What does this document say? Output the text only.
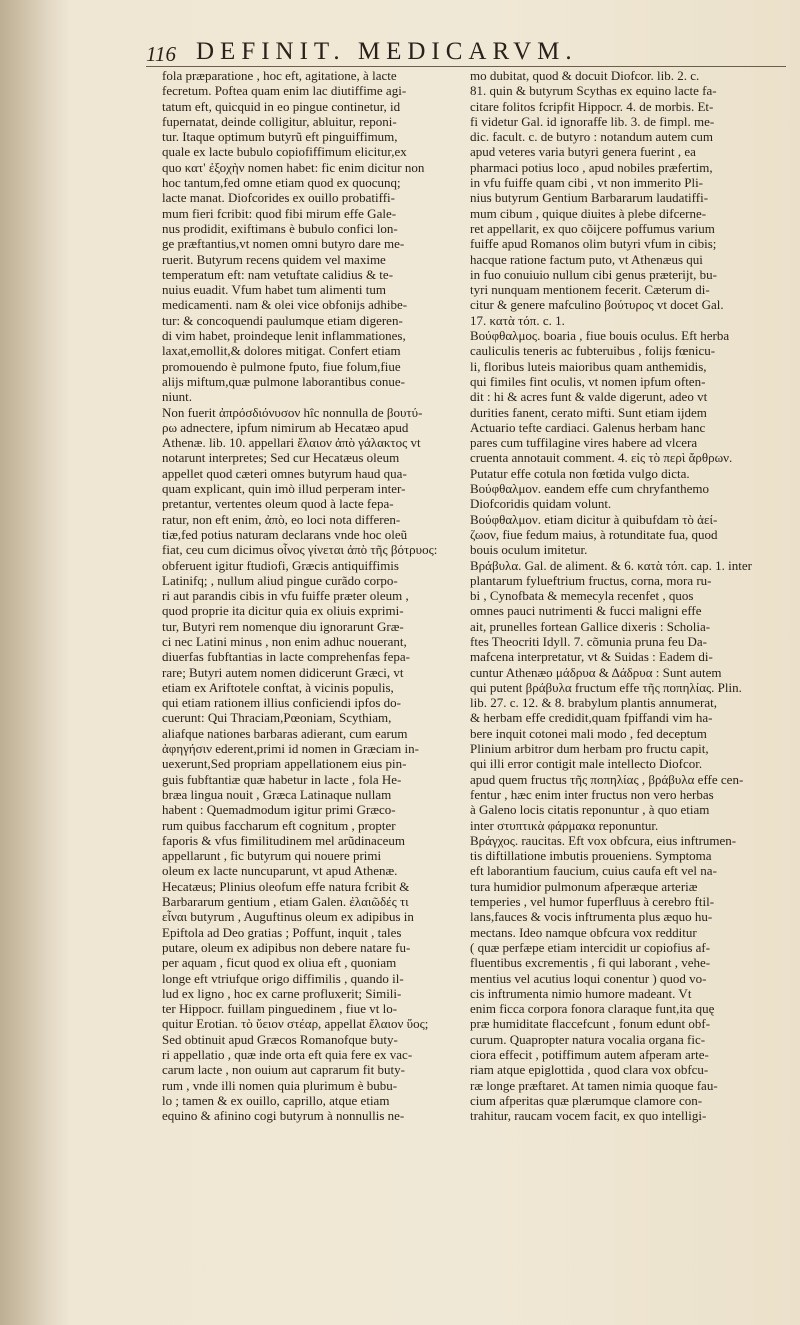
116 DEFINIT. MEDICARVM.
fola præparatione , hoc eft, agitatione, à lacte
fecretum. Poftea quam enim lac diutiffime agi-
tatum eft, quicquid in eo pingue continetur, id
fupernatat, deinde colligitur, abluitur, reponi-
tur. Itaque optimum butyrũ eft pinguiffimum,
quale ex lacte bubulo copiofiffimum elicitur,ex
quo κατ' ἐξοχὴν nomen habet: fic enim dicitur non
hoc tantum,fed omne etiam quod ex quocunq;
lacte manat. Diofcorides ex ouillo probatiffi-
mum fieri fcribit: quod fibi mirum effe Gale-
nus prodidit, exiftimans è bubulo confici lon-
ge præftantius,vt nomen omni butyro dare me-
ruerit. Butyrum recens quidem vel maxime
temperatum eft: nam vetuftate calidius & te-
nuius euadit. Vfum habet tum alimenti tum
medicamenti. nam & olei vice obfonijs adhibe-
tur: & concoquendi paulumque etiam digeren-
di vim habet, proindeque lenit inflammationes,
laxat,emollit,& dolores mitigat. Confert etiam
promouendo è pulmone fputo, fiue folum,fiue
alijs miftum,quæ pulmone laborantibus conue-
niunt.
» Non fuerit ἀπρόσδιόνυσον hîc nonnulla de βουτύ-
» ρω adnectere, ipfum nimirum ab Hecatæo apud
» Athenæ. lib. 10. appellari ἔλαιον ἀπὸ γάλακτος vt
» notarunt interpretes; Sed cur Hecatæus oleum
» appellet quod cæteri omnes butyrum haud qua-
» quam explicant, quin imò illud perperam inter-
» pretantur, vertentes oleum quod à lacte fepa-
» ratur, non eft enim, ἀπὸ, eo loci nota differen-
» tiæ,fed potius naturam declarans vnde hoc oleũ
» fiat, ceu cum dicimus οἶνος γίνεται ἀπὸ τῆς βότρυος:
» obferuent igitur ftudiofi, Græcis antiquiffimis
» Latinifq; , nullum aliud pingue curãdo corpo-
» ri aut parandis cibis in vfu fuiffe præter oleum ,
» quod proprie ita dicitur quia ex oliuis exprimi-
» tur, Butyri rem nomenque diu ignorarunt Græ-
» ci nec Latini minus , non enim adhuc nouerant,
» diuerfas fubftantias in lacte comprehenfas fepa-
» rare; Butyri autem nomen didicerunt Græci, vt
» etiam ex Ariftotele conftat, à vicinis populis,
» qui etiam rationem illius conficiendi ipfos do-
» cuerunt: Qui Thraciam,Pœoniam, Scythiam,
» aliafque nationes barbaras adierant, cum earum
» ἀφηγήσιν ederent,primi id nomen in Græciam in-
» uexerunt,Sed propriam appellationem eius pin-
» guis fubftantiæ quæ habetur in lacte , fola He-
» bræa lingua nouit , Græca Latinaque nullam
» habent : Quemadmodum igitur primi Græco-
» rum quibus faccharum eft cognitum , propter
» faporis & vfus fimilitudinem mel arũdinaceum
» appellarunt , fic butyrum qui nouere primi
» oleum ex lacte nuncuparunt, vt apud Athenæ.
» Hecatæus; Plinius oleofum effe natura fcribit &
» Barbararum gentium , etiam Galen. ἐλαιῶδές τι
» εἶναι butyrum , Auguftinus oleum ex adipibus in
» Epiftola ad Deo gratias ; Poffunt, inquit , tales
» putare, oleum ex adipibus non debere natare fu-
» per aquam , ficut quod ex oliua eft , quoniam
» longe eft vtriufque origo diffimilis , quando il-
» lud ex ligno , hoc ex carne profluxerit; Simili-
» ter Hippocr. fuillam pinguedinem , fiue vt lo-
» quitur Erotian. τὸ ὕειον στέαρ, appellat ἔλαιον ὕος;
» Sed obtinuit apud Græcos Romanofque buty-
» ri appellatio , quæ inde orta eft quia fere ex vac-
» carum lacte , non ouium aut caprarum fit buty-
» rum , vnde illi nomen quia plurimum è bubu-
» lo ; tamen & ex ouillo, caprillo, atque etiam
» equino & afinino cogi butyrum à nonnullis ne-
mo dubitat, quod & docuit Diofcor. lib. 2. c. «
81. quin & butyrum Scythas ex equino lacte fa- «
citare folitos fcripfit Hippocr. 4. de morbis. Et- «
fi videtur Gal. id ignoraffe lib. 3. de fimpl. me- «
dic. facult. c. de butyro : notandum autem cum «
apud veteres varia butyri genera fuerint , ea «
pharmaci potius loco , apud nobiles præfertim, «
in vfu fuiffe quam cibi , vt non immerito Pli- «
nius butyrum Gentium Barbararum laudatiffi- «
mum cibum , quique diuites à plebe difcerne- «
ret appellarit, ex quo cõijcere poffumus varium «
fuiffe apud Romanos olim butyri vfum in cibis; «
hacque ratione factum puto, vt Athenæus qui «
in fuo conuiuio nullum cibi genus præterijt, bu- «
tyri nunquam mentionem fecerit. Cæterum di- «
citur & genere mafculino βούτυρος vt docet Gal. «
17. κατὰ τόπ. c. 1. «
Βούφθαλμος. boaria , fiue bouis oculus. Eft herba
cauliculis teneris ac fubteruibus , folijs fœnicu-
li, floribus luteis maioribus quam anthemidis,
qui fimiles fint oculis, vt nomen ipfum often-
dit : hi & acres funt & valde digerunt, adeo vt
durities fanent, cerato mifti. Sunt etiam ijdem
Actuario tefte cardiaci. Galenus herbam hanc
pares cum tuffilagine vires habere ad vlcera
cruenta annotauit comment. 4. εἰς τὸ περὶ ἄρθρων.
Putatur effe cotula non fœtida vulgo dicta.
Βούφθαλμον. eandem effe cum chryfanthemo
Diofcoridis quidam volunt.
Βούφθαλμον. etiam dicitur à quibufdam τὸ ἀεί-
ζωον, fiue fedum maius, à rotunditate fua, quod
bouis oculum imitetur.
Βράβυλα. Gal. de aliment. & 6. κατὰ τόπ. cap. 1. inter «
plantarum fylueftrium fructus, corna, mora ru- «
bi , Cynofbata & memecyla recenfet , quos «
omnes pauci nutrimenti & fucci maligni effe «
ait, prunelles fortean Gallice dixeris : Scholia- «
ftes Theocriti Idyll. 7. cõmunia pruna feu Da- «
mafcena interpretatur, vt & Suidas : Eadem di- «
cuntur Athenæo μάδρυα & Δάδρυα : Sunt autem «
qui putent βράβυλα fructum effe τῆς ποπηλίας. Plin. «
lib. 27. c. 12. & 8. brabylum plantis annumerat, «
& herbam effe credidit,quam fpiffandi vim ha- «
bere inquit cotonei mali modo , fed deceptum «
Plinium arbitror dum herbam pro fructu capit, «
qui illi error contigit male intellecto Diofcor. «
apud quem fructus τῆς ποπηλίας , βράβυλα effe cen- «
fentur , hæc enim inter fructus non vero herbas «
à Galeno locis citatis reponuntur , à quo etiam «
inter στυπτικὰ φάρμακα reponuntur. «
Βράγχος. raucitas. Eft vox obfcura, eius inftrumen-
tis diftillatione imbutis proueniens. Symptoma
eft laborantium faucium, cuius caufa eft vel na-
tura humidior pulmonum afperæque arteriæ
temperies , vel humor fuperfluus à cerebro ftil-
lans,fauces & vocis inftrumenta plus æquo hu-
mectans. Ideo namque obfcura vox redditur
( quæ perfæpe etiam intercidit ur copiofius af-
fluentibus excrementis , fi qui laborant , vehe-
mentius vel acutius loqui conentur ) quod vo-
cis inftrumenta nimio humore madeant. Vt
enim ficca corpora fonora claraque funt,ita quę
præ humiditate flaccefcunt , fonum edunt obf-
curum. Quapropter natura vocalia organa fic-
ciora effecit , potiffimum autem afperam arte-
riam atque epiglottida , quod clara vox obfcu-
ræ longe præftaret. At tamen nimia quoque fau-
cium afperitas quæ plærumque clamore con-
trahitur, raucam vocem facit, ex quo intelligi-
